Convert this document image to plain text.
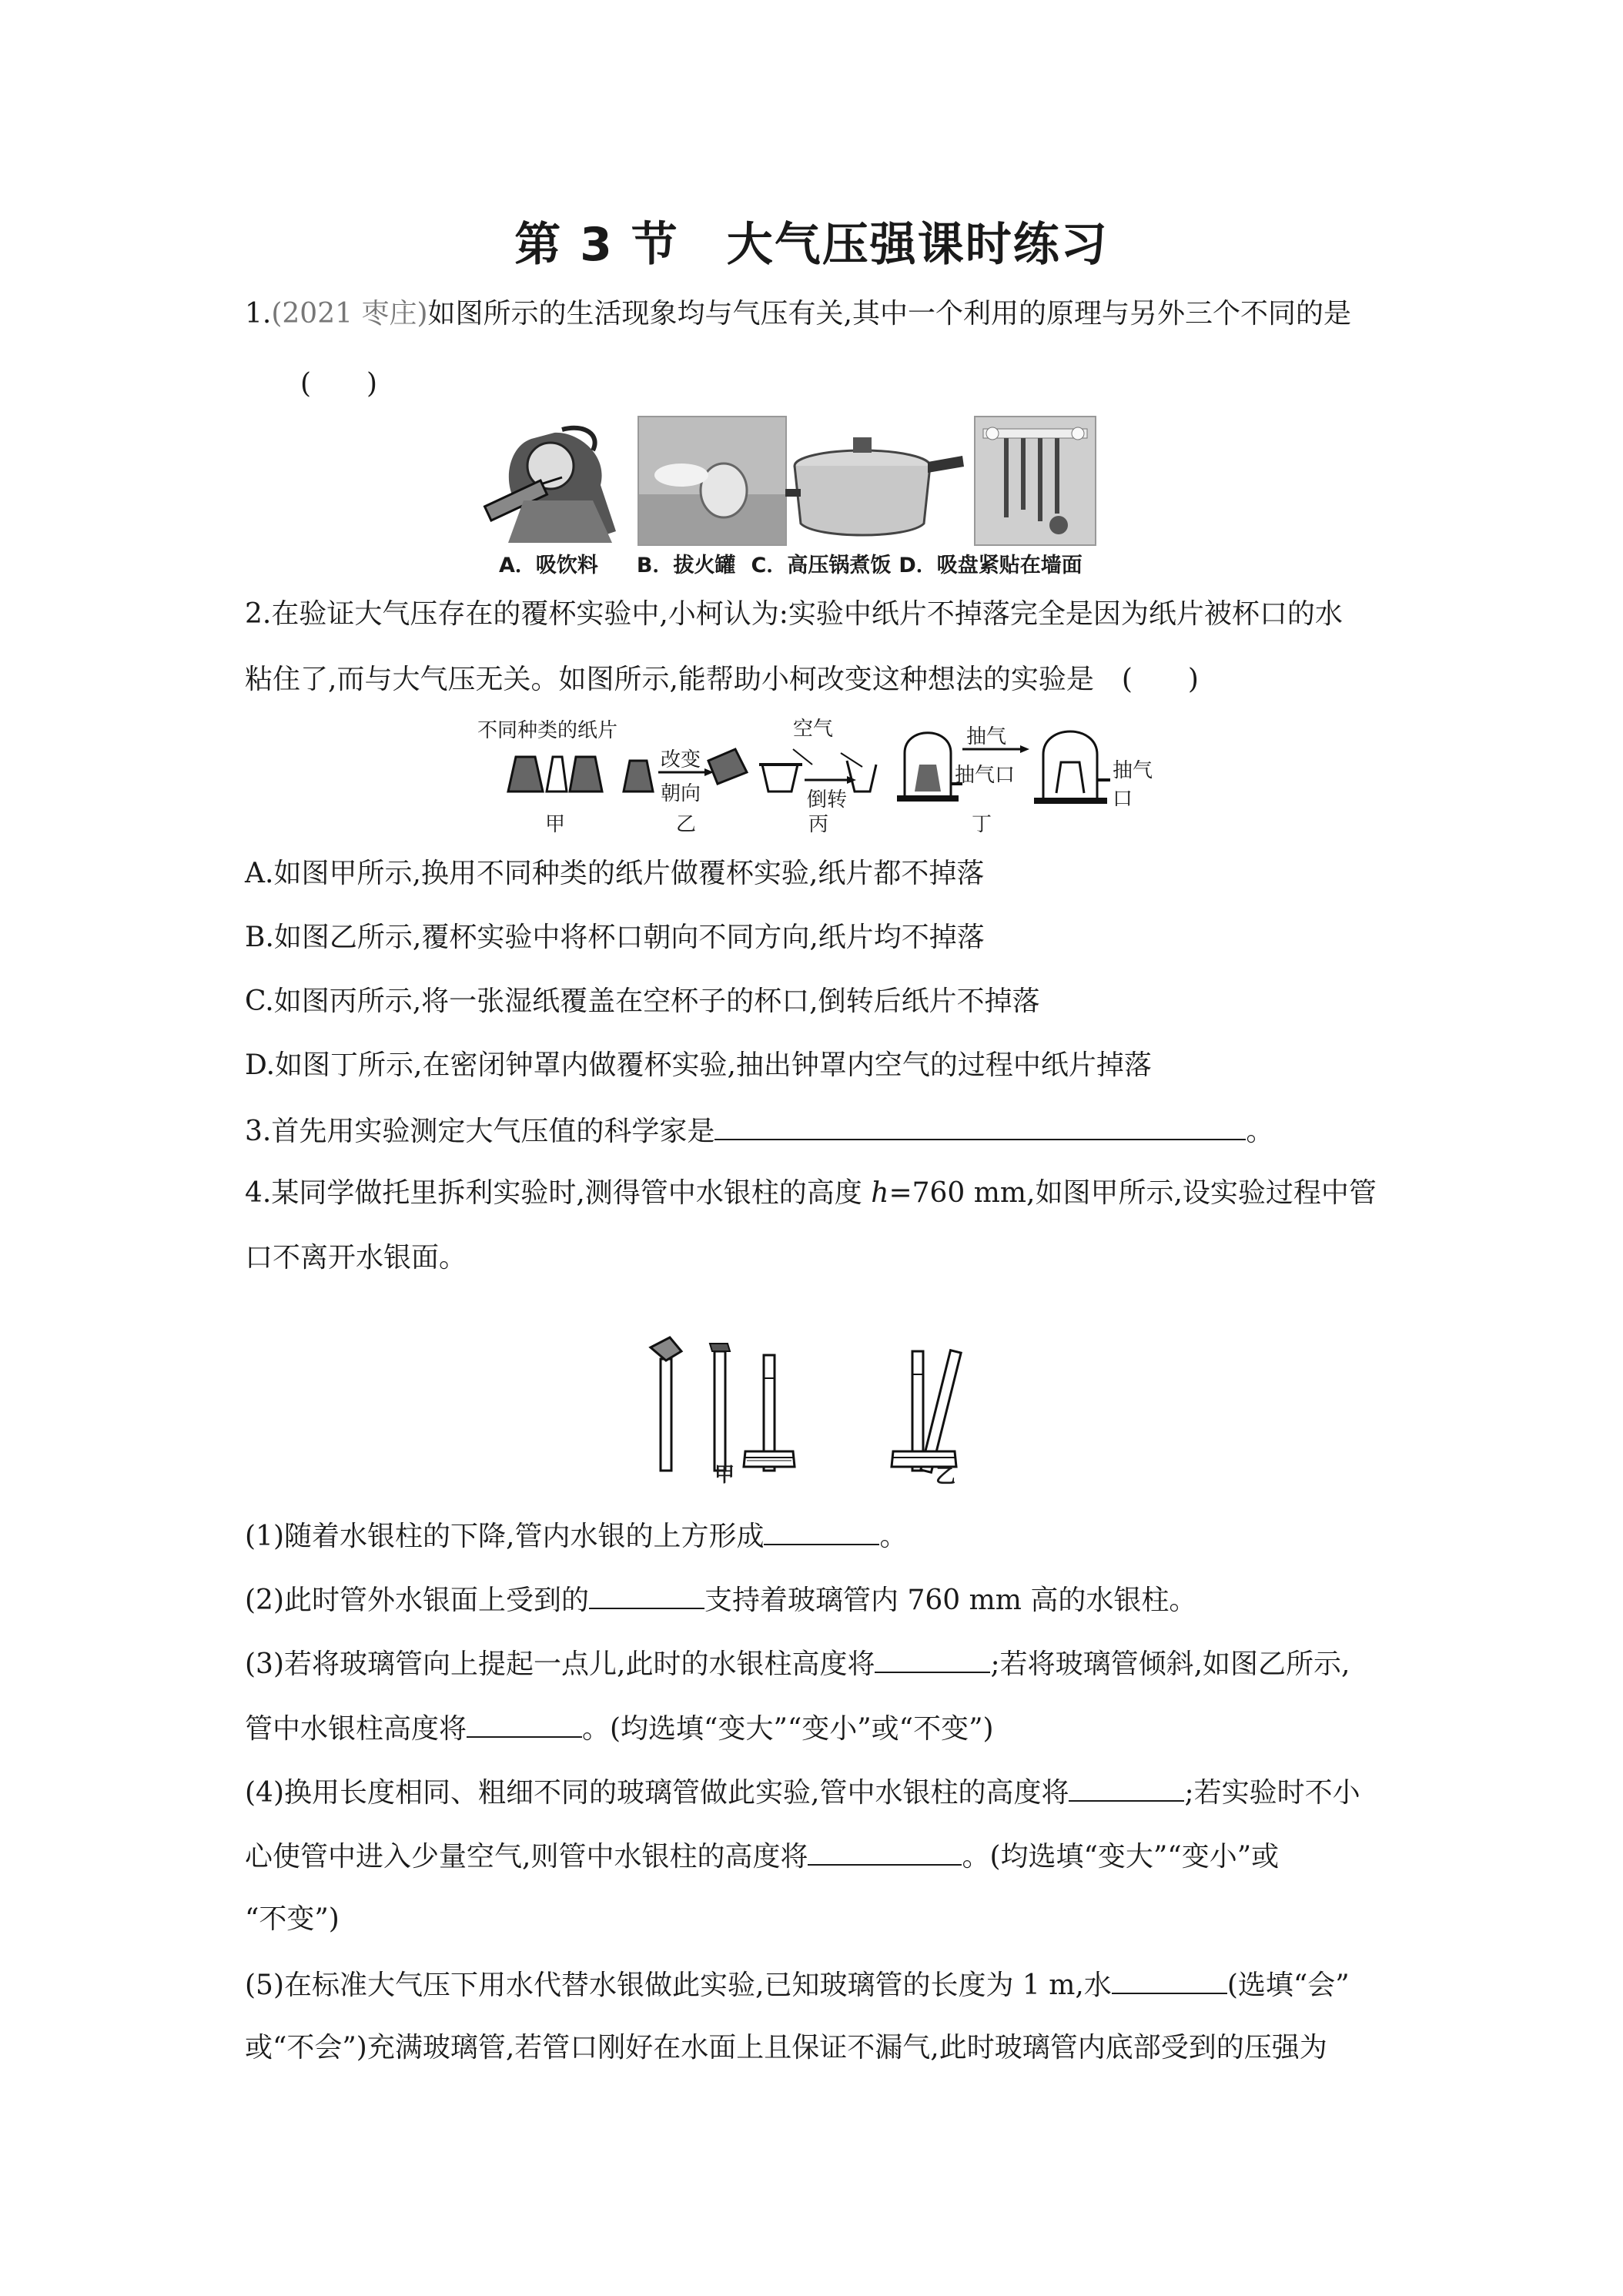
第 3 节　大气压强课时练习

1.(2021 枣庄)如图所示的生活现象均与气压有关,其中一个利用的原理与另外三个不同的是

(　　)
A．吸饮料 B．拔火罐 C．高压锅煮饭 D．吸盘紧贴在墙面

2.在验证大气压存在的覆杯实验中,小柯认为:实验中纸片不掉落完全是因为纸片被杯口的水

粘住了,而与大气压无关。如图所示,能帮助小柯改变这种想法的实验是　(　　)

不同种类的纸片
改变
朝向
空气
倒转
抽气
抽气口	抽气口
甲	乙	丙	丁

A.如图甲所示,换用不同种类的纸片做覆杯实验,纸片都不掉落

B.如图乙所示,覆杯实验中将杯口朝向不同方向,纸片均不掉落

C.如图丙所示,将一张湿纸覆盖在空杯子的杯口,倒转后纸片不掉落

D.如图丁所示,在密闭钟罩内做覆杯实验,抽出钟罩内空气的过程中纸片掉落

3.首先用实验测定大气压值的科学家是	。

4.某同学做托里拆利实验时,测得管中水银柱的高度 h=760 mm,如图甲所示,设实验过程中管

口不离开水银面。

甲	乙

(1)随着水银柱的下降,管内水银的上方形成	。

(2)此时管外水银面上受到的	支持着玻璃管内 760 mm 高的水银柱。

(3)若将玻璃管向上提起一点儿,此时的水银柱高度将	;若将玻璃管倾斜,如图乙所示,

管中水银柱高度将	。(均选填“变大”“变小”或“不变”)

(4)换用长度相同、粗细不同的玻璃管做此实验,管中水银柱的高度将	;若实验时不小

心使管中进入少量空气,则管中水银柱的高度将	。(均选填“变大”“变小”或

“不变”)

(5)在标准大气压下用水代替水银做此实验,已知玻璃管的长度为 1 m,水	(选填“会”

或“不会”)充满玻璃管,若管口刚好在水面上且保证不漏气,此时玻璃管内底部受到的压强为
